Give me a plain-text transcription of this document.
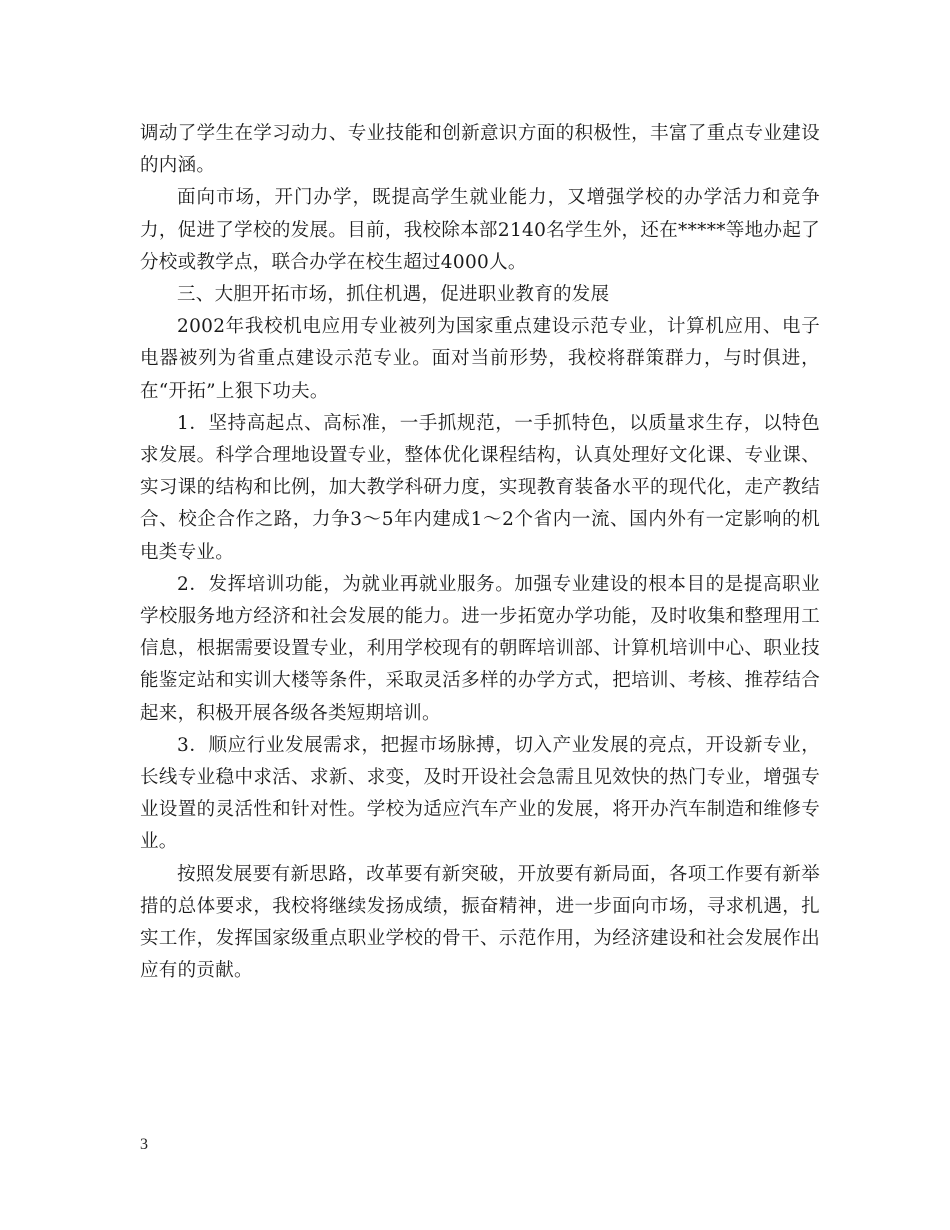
调动了学生在学习动力、专业技能和创新意识方面的积极性，丰富了重点专业建设的内涵。

面向市场，开门办学，既提高学生就业能力，又增强学校的办学活力和竞争力，促进了学校的发展。目前，我校除本部2140名学生外，还在*****等地办起了分校或教学点，联合办学在校生超过4000人。

三、大胆开拓市场，抓住机遇，促进职业教育的发展

2002年我校机电应用专业被列为国家重点建设示范专业，计算机应用、电子电器被列为省重点建设示范专业。面对当前形势，我校将群策群力，与时俱进，在“开拓”上狠下功夫。

1．坚持高起点、高标准，一手抓规范，一手抓特色，以质量求生存，以特色求发展。科学合理地设置专业，整体优化课程结构，认真处理好文化课、专业课、实习课的结构和比例，加大教学科研力度，实现教育装备水平的现代化，走产教结合、校企合作之路，力争3～5年内建成1～2个省内一流、国内外有一定影响的机电类专业。

2．发挥培训功能，为就业再就业服务。加强专业建设的根本目的是提高职业学校服务地方经济和社会发展的能力。进一步拓宽办学功能，及时收集和整理用工信息，根据需要设置专业，利用学校现有的朝晖培训部、计算机培训中心、职业技能鉴定站和实训大楼等条件，采取灵活多样的办学方式，把培训、考核、推荐结合起来，积极开展各级各类短期培训。

3．顺应行业发展需求，把握市场脉搏，切入产业发展的亮点，开设新专业，长线专业稳中求活、求新、求变，及时开设社会急需且见效快的热门专业，增强专业设置的灵活性和针对性。学校为适应汽车产业的发展，将开办汽车制造和维修专业。

按照发展要有新思路，改革要有新突破，开放要有新局面，各项工作要有新举措的总体要求，我校将继续发扬成绩，振奋精神，进一步面向市场，寻求机遇，扎实工作，发挥国家级重点职业学校的骨干、示范作用，为经济建设和社会发展作出应有的贡献。

3
